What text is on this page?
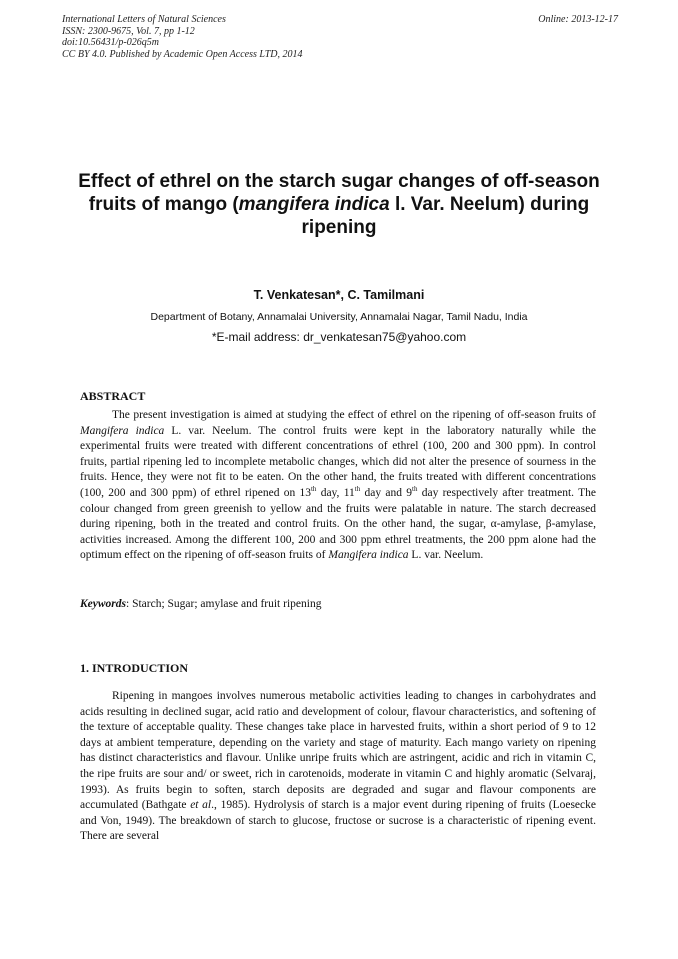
International Letters of Natural Sciences
ISSN: 2300-9675, Vol. 7, pp 1-12
doi:10.56431/p-026q5m
CC BY 4.0. Published by Academic Open Access LTD, 2014
Online: 2013-12-17
Effect of ethrel on the starch sugar changes of off-season fruits of mango (mangifera indica l. Var. Neelum) during ripening
T. Venkatesan*, C. Tamilmani
Department of Botany, Annamalai University, Annamalai Nagar, Tamil Nadu, India
*E-mail address: dr_venkatesan75@yahoo.com
ABSTRACT
The present investigation is aimed at studying the effect of ethrel on the ripening of off-season fruits of Mangifera indica L. var. Neelum. The control fruits were kept in the laboratory naturally while the experimental fruits were treated with different concentrations of ethrel (100, 200 and 300 ppm). In control fruits, partial ripening led to incomplete metabolic changes, which did not alter the presence of sourness in the fruits. Hence, they were not fit to be eaten. On the other hand, the fruits treated with different concentrations (100, 200 and 300 ppm) of ethrel ripened on 13th day, 11th day and 9th day respectively after treatment. The colour changed from green greenish to yellow and the fruits were palatable in nature. The starch decreased during ripening, both in the treated and control fruits. On the other hand, the sugar, α-amylase, β-amylase, activities increased. Among the different 100, 200 and 300 ppm ethrel treatments, the 200 ppm alone had the optimum effect on the ripening of off-season fruits of Mangifera indica L. var. Neelum.
Keywords: Starch; Sugar; amylase and fruit ripening
1. INTRODUCTION
Ripening in mangoes involves numerous metabolic activities leading to changes in carbohydrates and acids resulting in declined sugar, acid ratio and development of colour, flavour characteristics, and softening of the texture of acceptable quality. These changes take place in harvested fruits, within a short period of 9 to 12 days at ambient temperature, depending on the variety and stage of maturity. Each mango variety on ripening has distinct characteristics and flavour. Unlike unripe fruits which are astringent, acidic and rich in vitamin C, the ripe fruits are sour and/ or sweet, rich in carotenoids, moderate in vitamin C and highly aromatic (Selvaraj, 1993). As fruits begin to soften, starch deposits are degraded and sugar and flavour components are accumulated (Bathgate et al., 1985). Hydrolysis of starch is a major event during ripening of fruits (Loesecke and Von, 1949). The breakdown of starch to glucose, fructose or sucrose is a characteristic of ripening event. There are several
